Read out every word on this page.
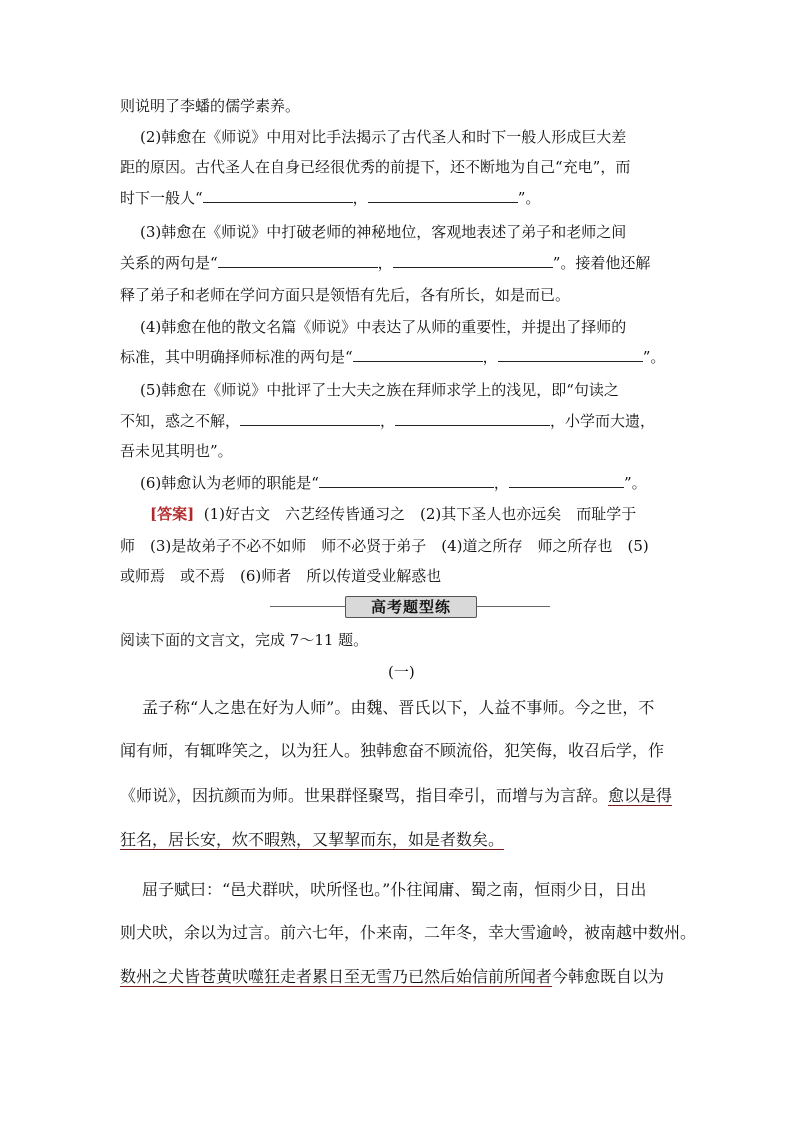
则说明了李蟠的儒学素养。
(2)韩愈在《师说》中用对比手法揭示了古代圣人和时下一般人形成巨大差
距的原因。古代圣人在自身已经很优秀的前提下，还不断地为自己“充电”，而
时下一般人“	，	”。
(3)韩愈在《师说》中打破老师的神秘地位，客观地表述了弟子和老师之间
关系的两句是“	，	”。接着他还解
释了弟子和老师在学问方面只是领悟有先后，各有所长，如是而已。
(4)韩愈在他的散文名篇《师说》中表达了从师的重要性，并提出了择师的
标准，其中明确择师标准的两句是“	，	”。
(5)韩愈在《师说》中批评了士大夫之族在拜师求学上的浅见，即“句读之
不知，惑之不解，	，	，小学而大遗，
吾未见其明也”。
(6)韩愈认为老师的职能是“	，	”。
[答案] (1)好古文　六艺经传皆通习之　(2)其下圣人也亦远矣　而耻学于
师　(3)是故弟子不必不如师　师不必贤于弟子　(4)道之所存　师之所存也　(5)
或师焉　或不焉　(6)师者　所以传道受业解惑也
高考题型练
阅读下面的文言文，完成 7～11 题。
(一)
孟子称“人之患在好为人师”。由魏、晋氏以下，人益不事师。今之世，不
闻有师，有辄哗笑之，以为狂人。独韩愈奋不顾流俗，犯笑侮，收召后学，作
《师说》，因抗颜而为师。世果群怪聚骂，指目牵引，而增与为言辞。愈以是得
狂名，居长安，炊不暇熟，又挈挈而东，如是者数矣。
屈子赋曰：“邑犬群吠，吠所怪也。”仆往闻庸、蜀之南，恒雨少日，日出
则犬吠，余以为过言。前六七年，仆来南，二年冬，幸大雪逾岭，被南越中数州。
数州之犬皆苍黄吠噬狂走者累日至无雪乃已然后始信前所闻者今韩愈既自以为
